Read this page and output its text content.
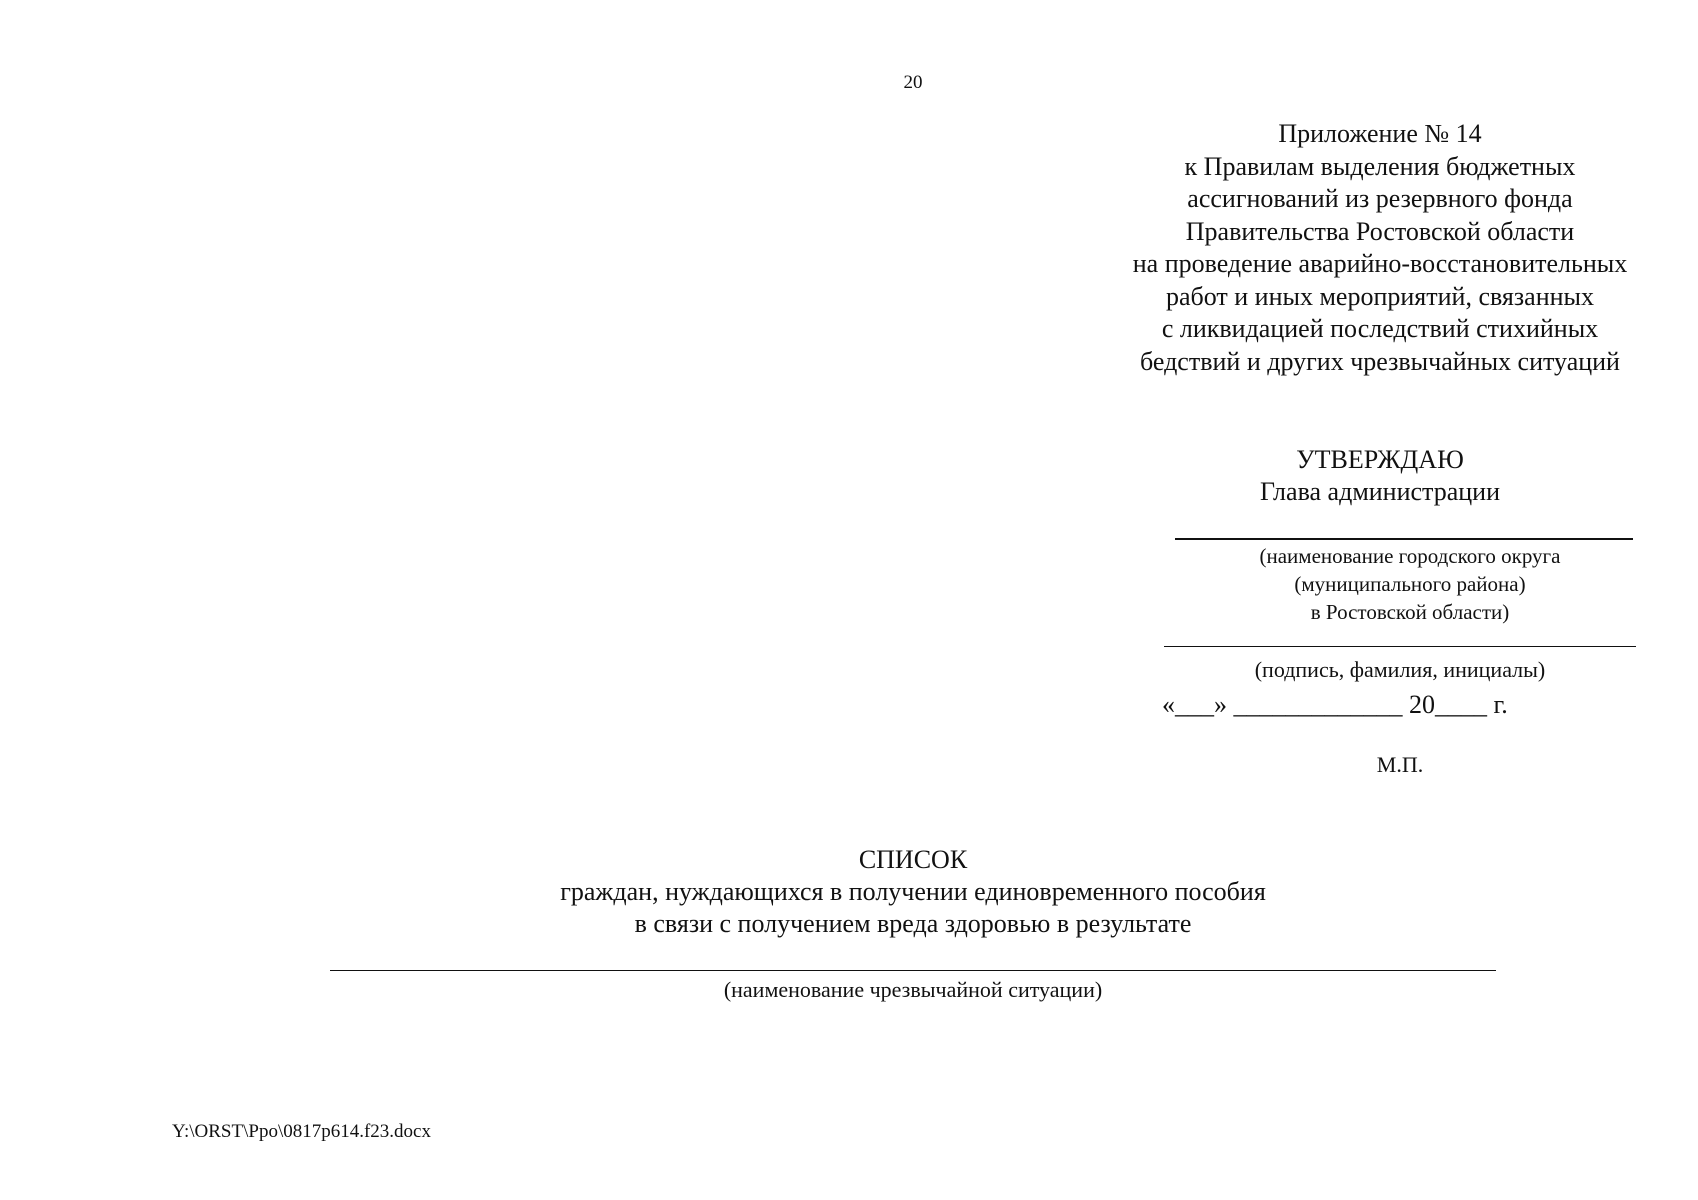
20
Приложение № 14
к Правилам выделения бюджетных
ассигнований из резервного фонда
Правительства Ростовской области
на проведение аварийно-восстановительных
работ и иных мероприятий, связанных
с ликвидацией последствий стихийных
бедствий и других чрезвычайных ситуаций
УТВЕРЖДАЮ
Глава администрации
(наименование городского округа
(муниципального района)
в Ростовской области)
(подпись, фамилия, инициалы)
«___» _____________ 20____ г.
М.П.
СПИСОК
граждан, нуждающихся в получении единовременного пособия
в связи с получением вреда здоровью в результате
(наименование чрезвычайной ситуации)
Y:\ORST\Ppo\0817p614.f23.docx
